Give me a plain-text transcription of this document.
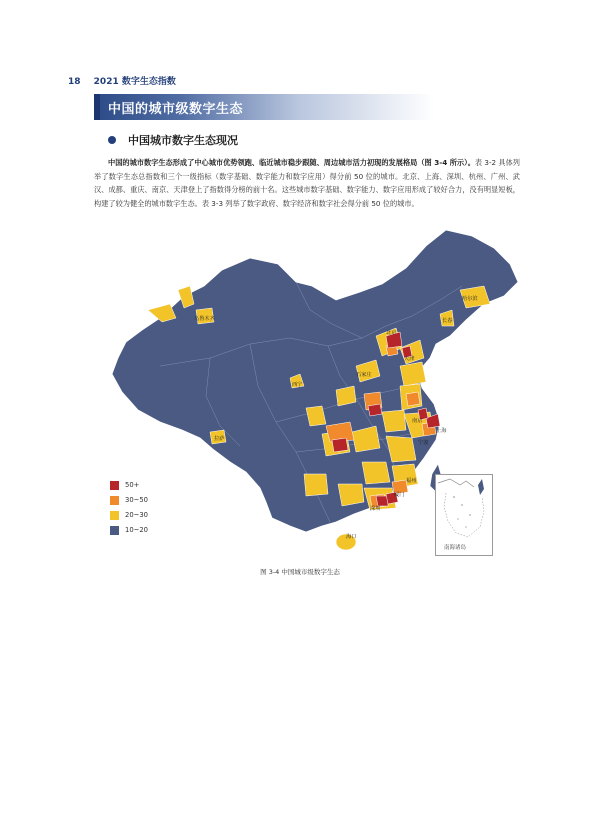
18 2021 数字生态指数
中国的城市级数字生态
中国城市数字生态现况
中国的城市数字生态形成了中心城市优势领跑、临近城市稳步跟随、周边城市活力初现的发展格局（图 3-4 所示）。表 3-2 具体列举了数字生态总指数和三个一级指标（数字基础、数字能力和数字应用）得分前 50 位的城市。北京、上海、深圳、杭州、广州、武汉、成都、重庆、南京、天津登上了指数得分榜的前十名。这些城市数字基础、数字能力、数字应用形成了较好合力，没有明显短板，构建了较为健全的城市数字生态。表 3-3 列举了数字政府、数字经济和数字社会得分前 50 位的城市。
哈尔滨
长春
北京
天津
石家庄
上海
南京
宁波
厦门
福州
深圳
海口
拉萨
乌鲁木齐
西宁
50+
30~50
20~30
10~20
南海诸岛
图 3-4 中国城市级数字生态
